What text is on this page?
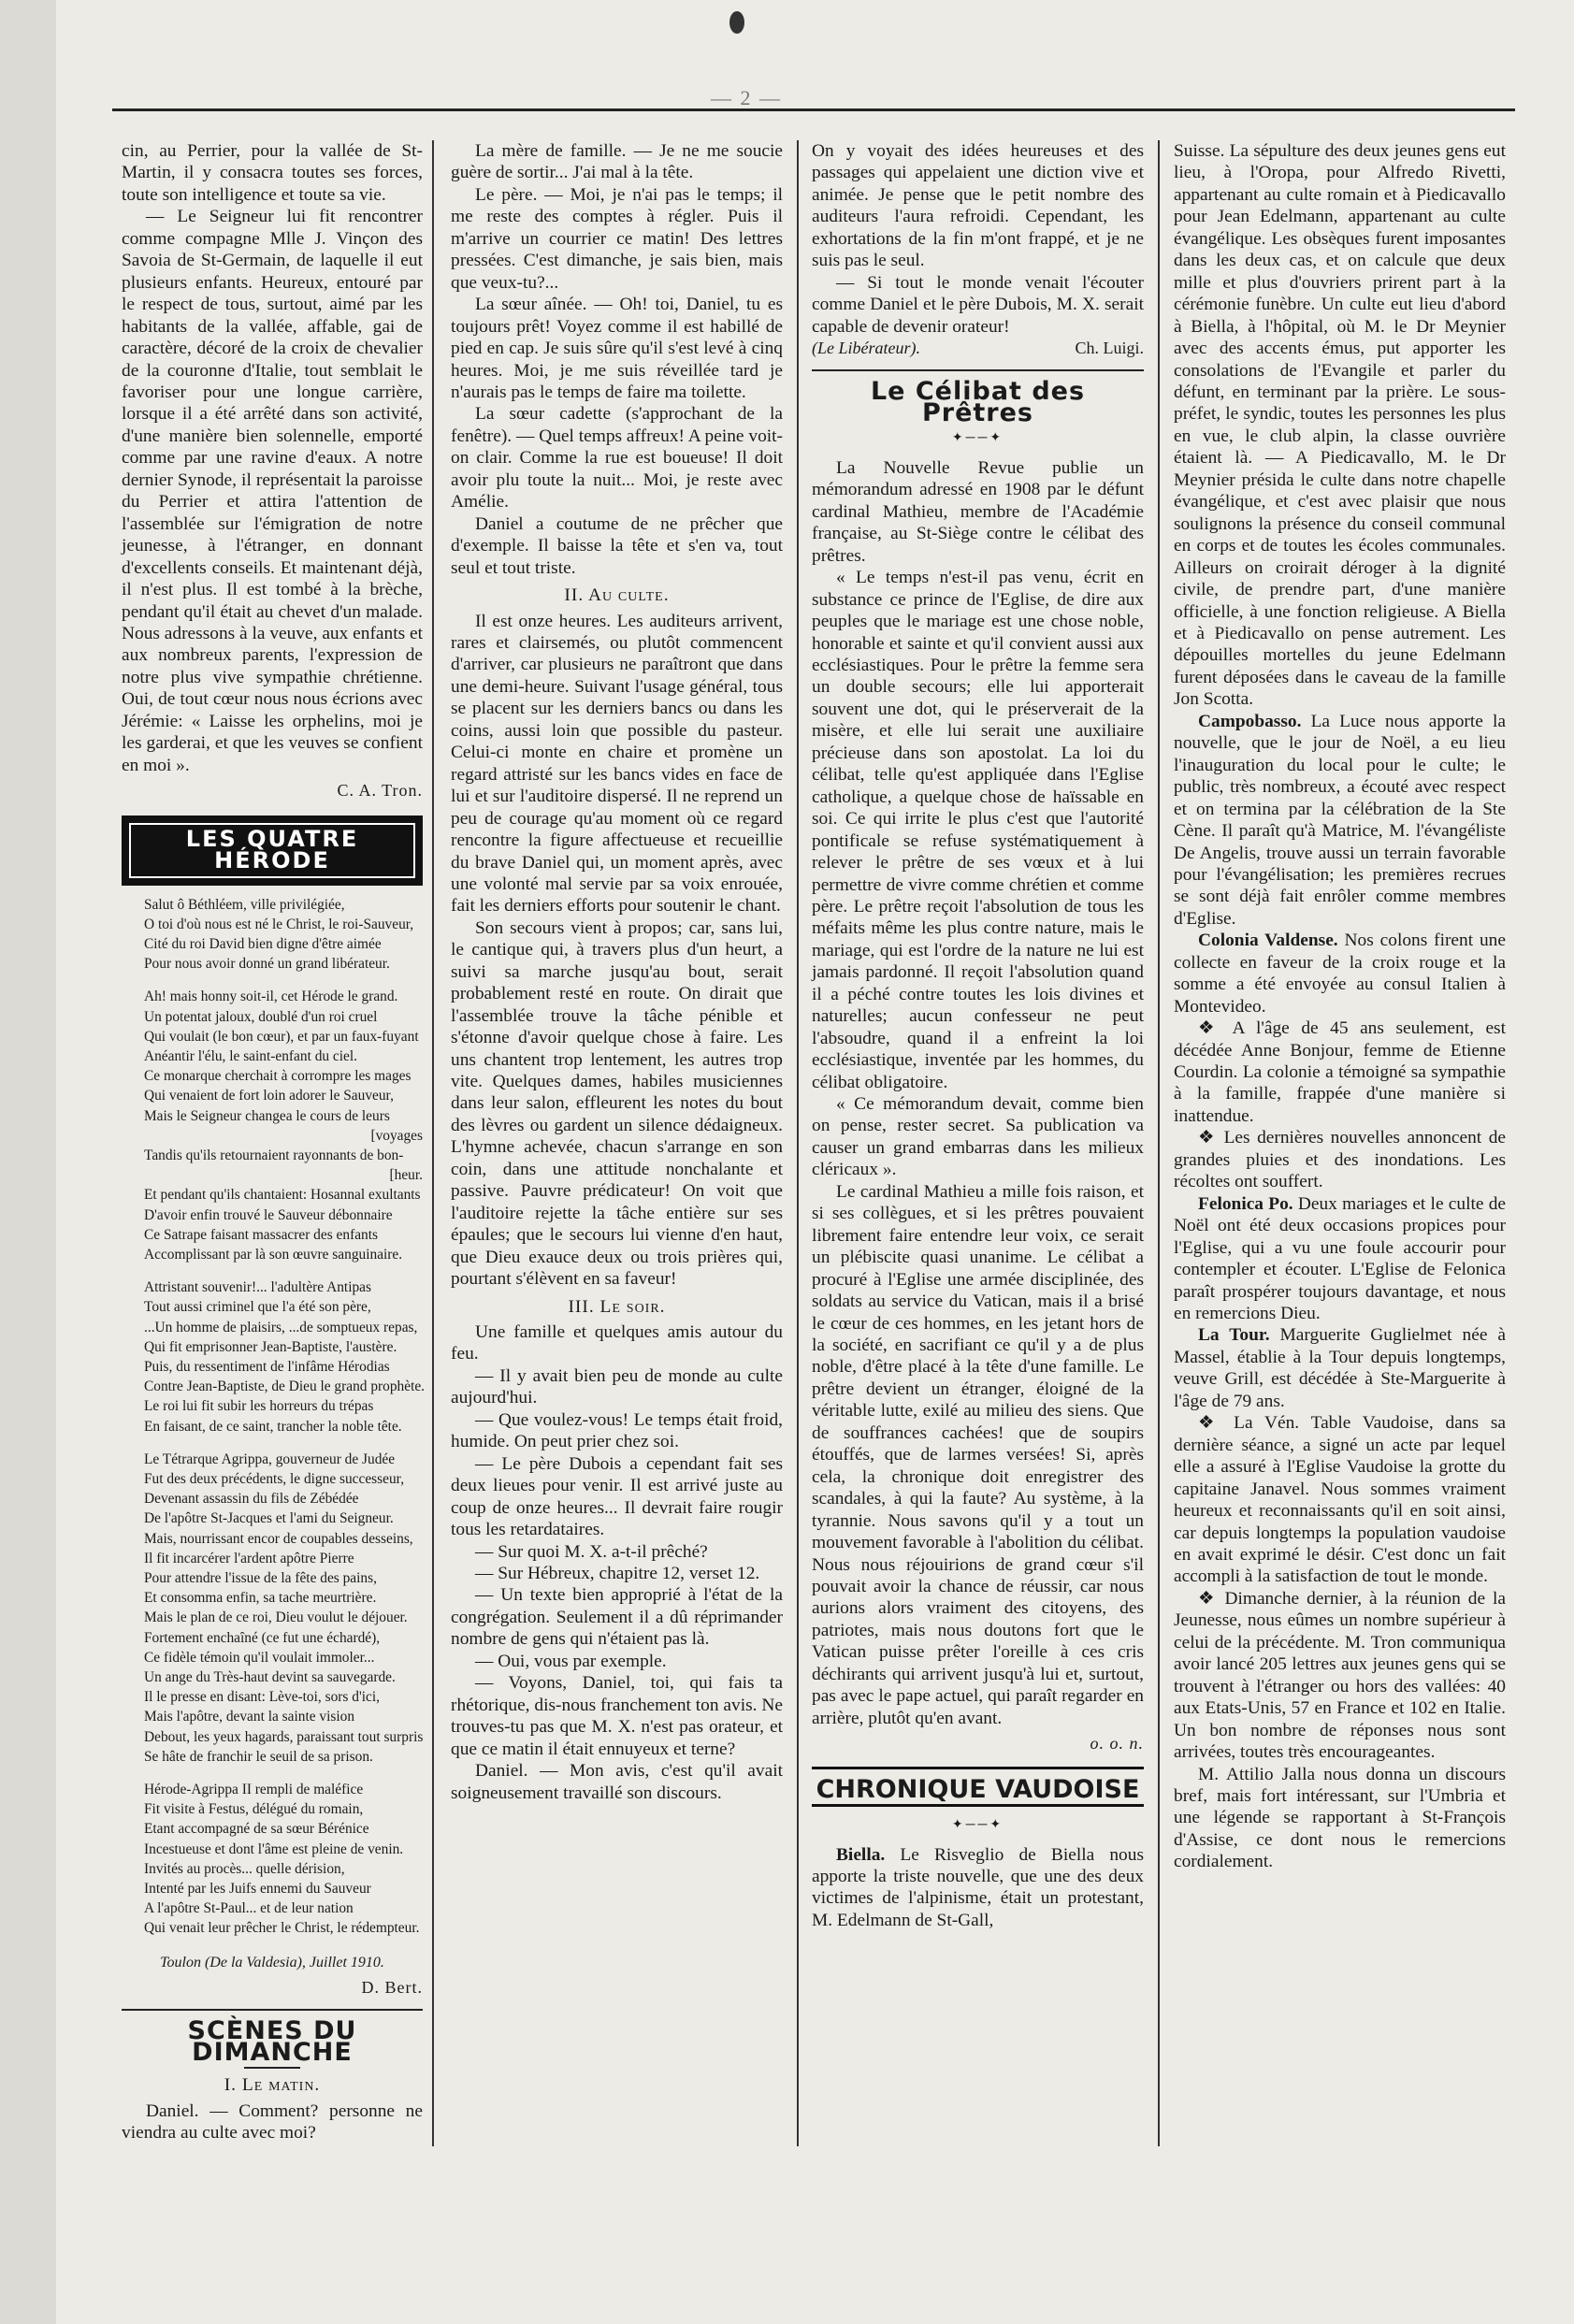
— 2 —

cin, au Perrier, pour la vallée de St-Martin, il y consacra toutes ses forces, toute son intelligence et toute sa vie.

— Le Seigneur lui fit rencontrer comme compagne Mlle J. Vinçon des Savoia de St-Germain, de laquelle il eut plusieurs enfants. Heureux, entouré par le respect de tous, surtout, aimé par les habitants de la vallée, affable, gai de caractère, décoré de la croix de chevalier de la couronne d'Italie, tout semblait le favoriser pour une longue carrière, lorsque il a été arrêté dans son activité, d'une manière bien solennelle, emporté comme par une ravine d'eaux. A notre dernier Synode, il représentait la paroisse du Perrier et attira l'attention de l'assemblée sur l'émigration de notre jeunesse, à l'étranger, en donnant d'excellents conseils. Et maintenant déjà, il n'est plus. Il est tombé à la brèche, pendant qu'il était au chevet d'un malade. Nous adressons à la veuve, aux enfants et aux nombreux parents, l'expression de notre plus vive sympathie chrétienne. Oui, de tout cœur nous nous écrions avec Jérémie: « Laisse les orphelins, moi je les garderai, et que les veuves se confient en moi ».

C. A. Tron.

LES QUATRE HÉRODE
Salut ô Béthléem, ville privilégiée,
O toi d'où nous est né le Christ, le roi-Sauveur,
Cité du roi David bien digne d'être aimée
Pour nous avoir donné un grand libérateur.
Ah! mais honny soit-il, cet Hérode le grand.
Un potentat jaloux, doublé d'un roi cruel
Qui voulait (le bon cœur), et par un faux-fuyant
Anéantir l'élu, le saint-enfant du ciel.
Ce monarque cherchait à corrompre les mages
Qui venaient de fort loin adorer le Sauveur,
Mais le Seigneur changea le cours de leurs
[voyages
Tandis qu'ils retournaient rayonnants de bon-
[heur.
Et pendant qu'ils chantaient: Hosannal exultants
D'avoir enfin trouvé le Sauveur débonnaire
Ce Satrape faisant massacrer des enfants
Accomplissant par là son œuvre sanguinaire.
Attristant souvenir!... l'adultère Antipas
Tout aussi criminel que l'a été son père,
...Un homme de plaisirs, ...de somptueux repas,
Qui fit emprisonner Jean-Baptiste, l'austère.
Puis, du ressentiment de l'infâme Hérodias
Contre Jean-Baptiste, de Dieu le grand prophète.
Le roi lui fit subir les horreurs du trépas
En faisant, de ce saint, trancher la noble tête.
Le Tétrarque Agrippa, gouverneur de Judée
Fut des deux précédents, le digne successeur,
Devenant assassin du fils de Zébédée
De l'apôtre St-Jacques et l'ami du Seigneur.
Mais, nourrissant encor de coupables desseins,
Il fit incarcérer l'ardent apôtre Pierre
Pour attendre l'issue de la fête des pains,
Et consomma enfin, sa tache meurtrière.
Mais le plan de ce roi, Dieu voulut le déjouer.
Fortement enchaîné (ce fut une échardé),
Ce fidèle témoin qu'il voulait immoler...
Un ange du Très-haut devint sa sauvegarde.
Il le presse en disant: Lève-toi, sors d'ici,
Mais l'apôtre, devant la sainte vision
Debout, les yeux hagards, paraissant tout surpris
Se hâte de franchir le seuil de sa prison.
Hérode-Agrippa II rempli de maléfice
Fit visite à Festus, délégué du romain,
Etant accompagné de sa sœur Bérénice
Incestueuse et dont l'âme est pleine de venin.
Invités au procès... quelle dérision,
Intenté par les Juifs ennemi du Sauveur
A l'apôtre St-Paul... et de leur nation
Qui venait leur prêcher le Christ, le rédempteur.

Toulon (De la Valdesia), Juillet 1910.

D. Bert.

SCÈNES DU DIMANCHE

I. Le matin.

Daniel. — Comment? personne ne viendra au culte avec moi?

La mère de famille. — Je ne me soucie guère de sortir... J'ai mal à la tête.

Le père. — Moi, je n'ai pas le temps; il me reste des comptes à régler. Puis il m'arrive un courrier ce matin! Des lettres pressées. C'est dimanche, je sais bien, mais que veux-tu?...

La sœur aînée. — Oh! toi, Daniel, tu es toujours prêt! Voyez comme il est habillé de pied en cap. Je suis sûre qu'il s'est levé à cinq heures. Moi, je me suis réveillée tard je n'aurais pas le temps de faire ma toilette.

La sœur cadette (s'approchant de la fenêtre). — Quel temps affreux! A peine voit-on clair. Comme la rue est boueuse! Il doit avoir plu toute la nuit... Moi, je reste avec Amélie.

Daniel a coutume de ne prêcher que d'exemple. Il baisse la tête et s'en va, tout seul et tout triste.

II. Au culte.

Il est onze heures. Les auditeurs arrivent, rares et clairsemés, ou plutôt commencent d'arriver, car plusieurs ne paraîtront que dans une demi-heure. Suivant l'usage général, tous se placent sur les derniers bancs ou dans les coins, aussi loin que possible du pasteur. Celui-ci monte en chaire et promène un regard attristé sur les bancs vides en face de lui et sur l'auditoire dispersé. Il ne reprend un peu de courage qu'au moment où ce regard rencontre la figure affectueuse et recueillie du brave Daniel qui, un moment après, avec une volonté mal servie par sa voix enrouée, fait les derniers efforts pour soutenir le chant.

Son secours vient à propos; car, sans lui, le cantique qui, à travers plus d'un heurt, a suivi sa marche jusqu'au bout, serait probablement resté en route. On dirait que l'assemblée trouve la tâche pénible et s'étonne d'avoir quelque chose à faire. Les uns chantent trop lentement, les autres trop vite. Quelques dames, habiles musiciennes dans leur salon, effleurent les notes du bout des lèvres ou gardent un silence dédaigneux. L'hymne achevée, chacun s'arrange en son coin, dans une attitude nonchalante et passive. Pauvre prédicateur! On voit que l'auditoire rejette la tâche entière sur ses épaules; que le secours lui vienne d'en haut, que Dieu exauce deux ou trois prières qui, pourtant s'élèvent en sa faveur!

III. Le soir.

Une famille et quelques amis autour du feu.

— Il y avait bien peu de monde au culte aujourd'hui.

— Que voulez-vous! Le temps était froid, humide. On peut prier chez soi.

— Le père Dubois a cependant fait ses deux lieues pour venir. Il est arrivé juste au coup de onze heures... Il devrait faire rougir tous les retardataires.

— Sur quoi M. X. a-t-il prêché?

— Sur Hébreux, chapitre 12, verset 12.

— Un texte bien approprié à l'état de la congrégation. Seulement il a dû réprimander nombre de gens qui n'étaient pas là.

— Oui, vous par exemple.

— Voyons, Daniel, toi, qui fais ta rhétorique, dis-nous franchement ton avis. Ne trouves-tu pas que M. X. n'est pas orateur, et que ce matin il était ennuyeux et terne?

Daniel. — Mon avis, c'est qu'il avait soigneusement travaillé son discours.

On y voyait des idées heureuses et des passages qui appelaient une diction vive et animée. Je pense que le petit nombre des auditeurs l'aura refroidi. Cependant, les exhortations de la fin m'ont frappé, et je ne suis pas le seul.

— Si tout le monde venait l'écouter comme Daniel et le père Dubois, M. X. serait capable de devenir orateur!

(Le Libérateur).	Ch. Luigi.
Le Célibat des Prêtres
✦──✦

La Nouvelle Revue publie un mémorandum adressé en 1908 par le défunt cardinal Mathieu, membre de l'Académie française, au St-Siège contre le célibat des prêtres.

« Le temps n'est-il pas venu, écrit en substance ce prince de l'Eglise, de dire aux peuples que le mariage est une chose noble, honorable et sainte et qu'il convient aussi aux ecclésiastiques. Pour le prêtre la femme sera un double secours; elle lui apporterait souvent une dot, qui le préserverait de la misère, et elle lui serait une auxiliaire précieuse dans son apostolat. La loi du célibat, telle qu'est appliquée dans l'Eglise catholique, a quelque chose de haïssable en soi. Ce qui irrite le plus c'est que l'autorité pontificale se refuse systématiquement à relever le prêtre de ses vœux et à lui permettre de vivre comme chrétien et comme père. Le prêtre reçoit l'absolution de tous les méfaits même les plus contre nature, mais le mariage, qui est l'ordre de la nature ne lui est jamais pardonné. Il reçoit l'absolution quand il a péché contre toutes les lois divines et naturelles; aucun confesseur ne peut l'absoudre, quand il a enfreint la loi ecclésiastique, inventée par les hommes, du célibat obligatoire.

« Ce mémorandum devait, comme bien on pense, rester secret. Sa publication va causer un grand embarras dans les milieux cléricaux ».

Le cardinal Mathieu a mille fois raison, et si ses collègues, et si les prêtres pouvaient librement faire entendre leur voix, ce serait un plébiscite quasi unanime. Le célibat a procuré à l'Eglise une armée disciplinée, des soldats au service du Vatican, mais il a brisé le cœur de ces hommes, en les jetant hors de la société, en sacrifiant ce qu'il y a de plus noble, d'être placé à la tête d'une famille. Le prêtre devient un étranger, éloigné de la véritable lutte, exilé au milieu des siens. Que de souffrances cachées! que de soupirs étouffés, que de larmes versées! Si, après cela, la chronique doit enregistrer des scandales, à qui la faute? Au système, à la tyrannie. Nous savons qu'il y a tout un mouvement favorable à l'abolition du célibat. Nous nous réjouirions de grand cœur s'il pouvait avoir la chance de réussir, car nous aurions alors vraiment des citoyens, des patriotes, mais nous doutons fort que le Vatican puisse prêter l'oreille à ces cris déchirants qui arrivent jusqu'à lui et, surtout, pas avec le pape actuel, qui paraît regarder en arrière, plutôt qu'en avant.

o. o. n.

CHRONIQUE VAUDOISE
✦──✦

Biella. Le Risveglio de Biella nous apporte la triste nouvelle, que une des deux victimes de l'alpinisme, était un protestant, M. Edelmann de St-Gall,

Suisse. La sépulture des deux jeunes gens eut lieu, à l'Oropa, pour Alfredo Rivetti, appartenant au culte romain et à Piedicavallo pour Jean Edelmann, appartenant au culte évangélique. Les obsèques furent imposantes dans les deux cas, et on calcule que deux mille et plus d'ouvriers prirent part à la cérémonie funèbre. Un culte eut lieu d'abord à Biella, à l'hôpital, où M. le Dr Meynier avec des accents émus, put apporter les consolations de l'Evangile et parler du défunt, en terminant par la prière. Le sous-préfet, le syndic, toutes les personnes les plus en vue, le club alpin, la classe ouvrière étaient là. — A Piedicavallo, M. le Dr Meynier présida le culte dans notre chapelle évangélique, et c'est avec plaisir que nous soulignons la présence du conseil communal en corps et de toutes les écoles communales. Ailleurs on croirait déroger à la dignité civile, de prendre part, d'une manière officielle, à une fonction religieuse. A Biella et à Piedicavallo on pense autrement. Les dépouilles mortelles du jeune Edelmann furent déposées dans le caveau de la famille Jon Scotta.

Campobasso. La Luce nous apporte la nouvelle, que le jour de Noël, a eu lieu l'inauguration du local pour le culte; le public, très nombreux, a écouté avec respect et on termina par la célébration de la Ste Cène. Il paraît qu'à Matrice, M. l'évangéliste De Angelis, trouve aussi un terrain favorable pour l'évangélisation; les premières recrues se sont déjà fait enrôler comme membres d'Eglise.

Colonia Valdense. Nos colons firent une collecte en faveur de la croix rouge et la somme a été envoyée au consul Italien à Montevideo.

❖ A l'âge de 45 ans seulement, est décédée Anne Bonjour, femme de Etienne Courdin. La colonie a témoigné sa sympathie à la famille, frappée d'une manière si inattendue.

❖ Les dernières nouvelles annoncent de grandes pluies et des inondations. Les récoltes ont souffert.

Felonica Po. Deux mariages et le culte de Noël ont été deux occasions propices pour l'Eglise, qui a vu une foule accourir pour contempler et écouter. L'Eglise de Felonica paraît prospérer toujours davantage, et nous en remercions Dieu.

La Tour. Marguerite Guglielmet née à Massel, établie à la Tour depuis longtemps, veuve Grill, est décédée à Ste-Marguerite à l'âge de 79 ans.

❖ La Vén. Table Vaudoise, dans sa dernière séance, a signé un acte par lequel elle a assuré à l'Eglise Vaudoise la grotte du capitaine Janavel. Nous sommes vraiment heureux et reconnaissants qu'il en soit ainsi, car depuis longtemps la population vaudoise en avait exprimé le désir. C'est donc un fait accompli à la satisfaction de tout le monde.

❖ Dimanche dernier, à la réunion de la Jeunesse, nous eûmes un nombre supérieur à celui de la précédente. M. Tron communiqua avoir lancé 205 lettres aux jeunes gens qui se trouvent à l'étranger ou hors des vallées: 40 aux Etats-Unis, 57 en France et 102 en Italie. Un bon nombre de réponses nous sont arrivées, toutes très encourageantes.

M. Attilio Jalla nous donna un discours bref, mais fort intéressant, sur l'Umbria et une légende se rapportant à St-François d'Assise, ce dont nous le remercions cordialement.
